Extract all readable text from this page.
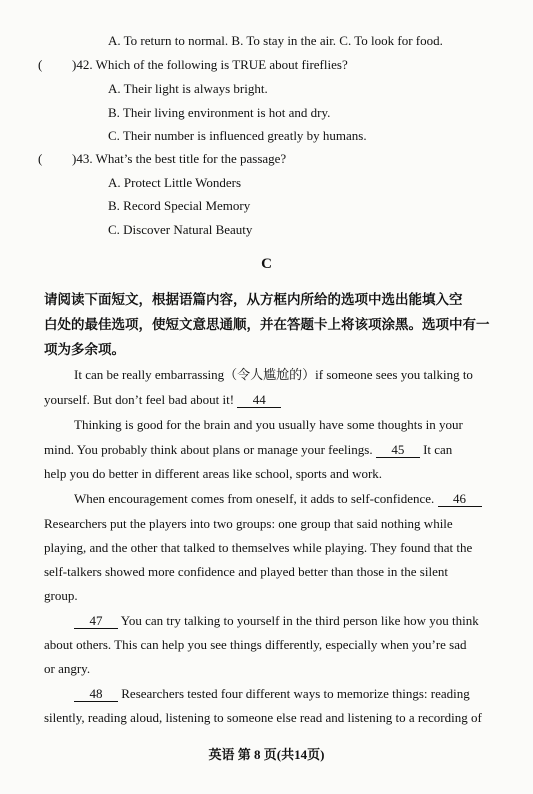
A. To return to normal. B. To stay in the air. C. To look for food.
( )42. Which of the following is TRUE about fireflies?
A. Their light is always bright.
B. Their living environment is hot and dry.
C. Their number is influenced greatly by humans.
( )43. What’s the best title for the passage?
A. Protect Little Wonders
B. Record Special Memory
C. Discover Natural Beauty
C
请阅读下面短文，根据语篇内容，从方框内所给的选项中选出能填入空
白处的最佳选项，使短文意思通顺，并在答题卡上将该项涂黑。选项中有一
项为多余项。
It can be really embarrassing（令人尴尬的）if someone sees you talking to
yourself. But don’t feel bad about it! 44
Thinking is good for the brain and you usually have some thoughts in your
mind. You probably think about plans or manage your feelings. 45 It can
help you do better in different areas like school, sports and work.
When encouragement comes from oneself, it adds to self-confidence. 46
Researchers put the players into two groups: one group that said nothing while
playing, and the other that talked to themselves while playing. They found that the
self-talkers showed more confidence and played better than those in the silent
group.
47 You can try talking to yourself in the third person like how you think
about others. This can help you see things differently, especially when you’re sad
or angry.
48 Researchers tested four different ways to memorize things: reading
silently, reading aloud, listening to someone else read and listening to a recording of
英语 第 8 页(共14页)
